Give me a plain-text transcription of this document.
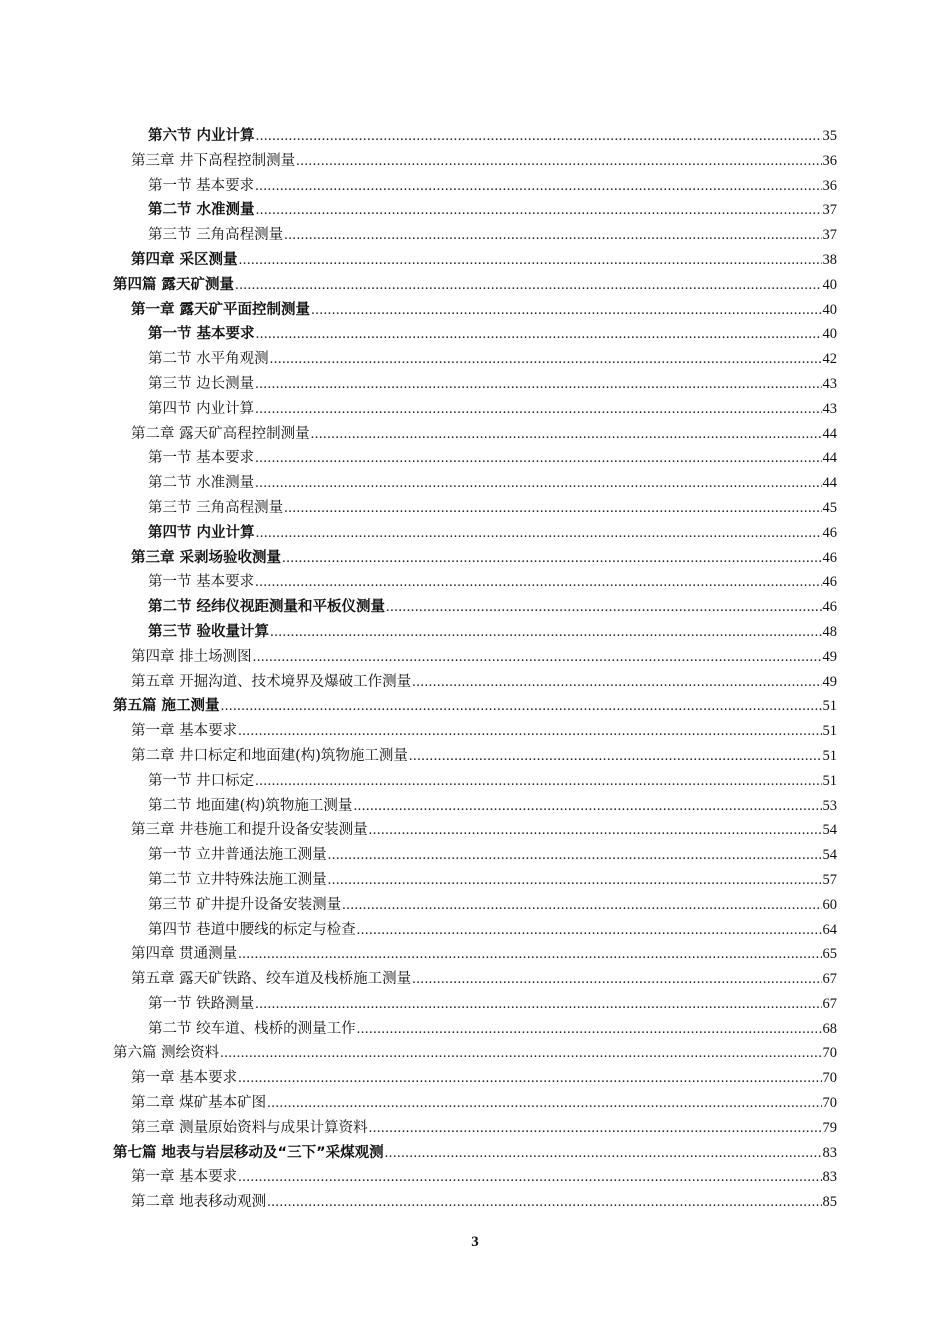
第六节 内业计算 .....	35
第三章 井下高程控制测量 .....	36
第一节 基本要求 .....	36
第二节 水准测量 .....	37
第三节 三角高程测量 .....	37
第四章 采区测量 .....	38
第四篇 露天矿测量 .....	40
第一章 露天矿平面控制测量 .....	40
第一节 基本要求 .....	40
第二节 水平角观测 .....	42
第三节 边长测量 .....	43
第四节 内业计算 .....	43
第二章 露天矿高程控制测量 .....	44
第一节 基本要求 .....	44
第二节 水准测量 .....	44
第三节 三角高程测量 .....	45
第四节 内业计算 .....	46
第三章 采剥场验收测量 .....	46
第一节 基本要求 .....	46
第二节 经纬仪视距测量和平板仪测量 .....	46
第三节 验收量计算 .....	48
第四章 排土场测图 .....	49
第五章 开掘沟道、技术境界及爆破工作测量 .....	49
第五篇 施工测量 .....	51
第一章 基本要求 .....	51
第二章 井口标定和地面建(构)筑物施工测量 .....	51
第一节 井口标定 .....	51
第二节 地面建(构)筑物施工测量 .....	53
第三章 井巷施工和提升设备安装测量 .....	54
第一节 立井普通法施工测量 .....	54
第二节 立井特殊法施工测量 .....	57
第三节 矿井提升设备安装测量 .....	60
第四节 巷道中腰线的标定与检查 .....	64
第四章 贯通测量 .....	65
第五章 露天矿铁路、绞车道及栈桥施工测量 .....	67
第一节 铁路测量 .....	67
第二节 绞车道、栈桥的测量工作 .....	68
第六篇 测绘资料 .....	70
第一章 基本要求 .....	70
第二章 煤矿基本矿图 .....	70
第三章 测量原始资料与成果计算资料 .....	79
第七篇 地表与岩层移动及“三下”采煤观测 .....	83
第一章 基本要求 .....	83
第二章 地表移动观测 .....	85
3
